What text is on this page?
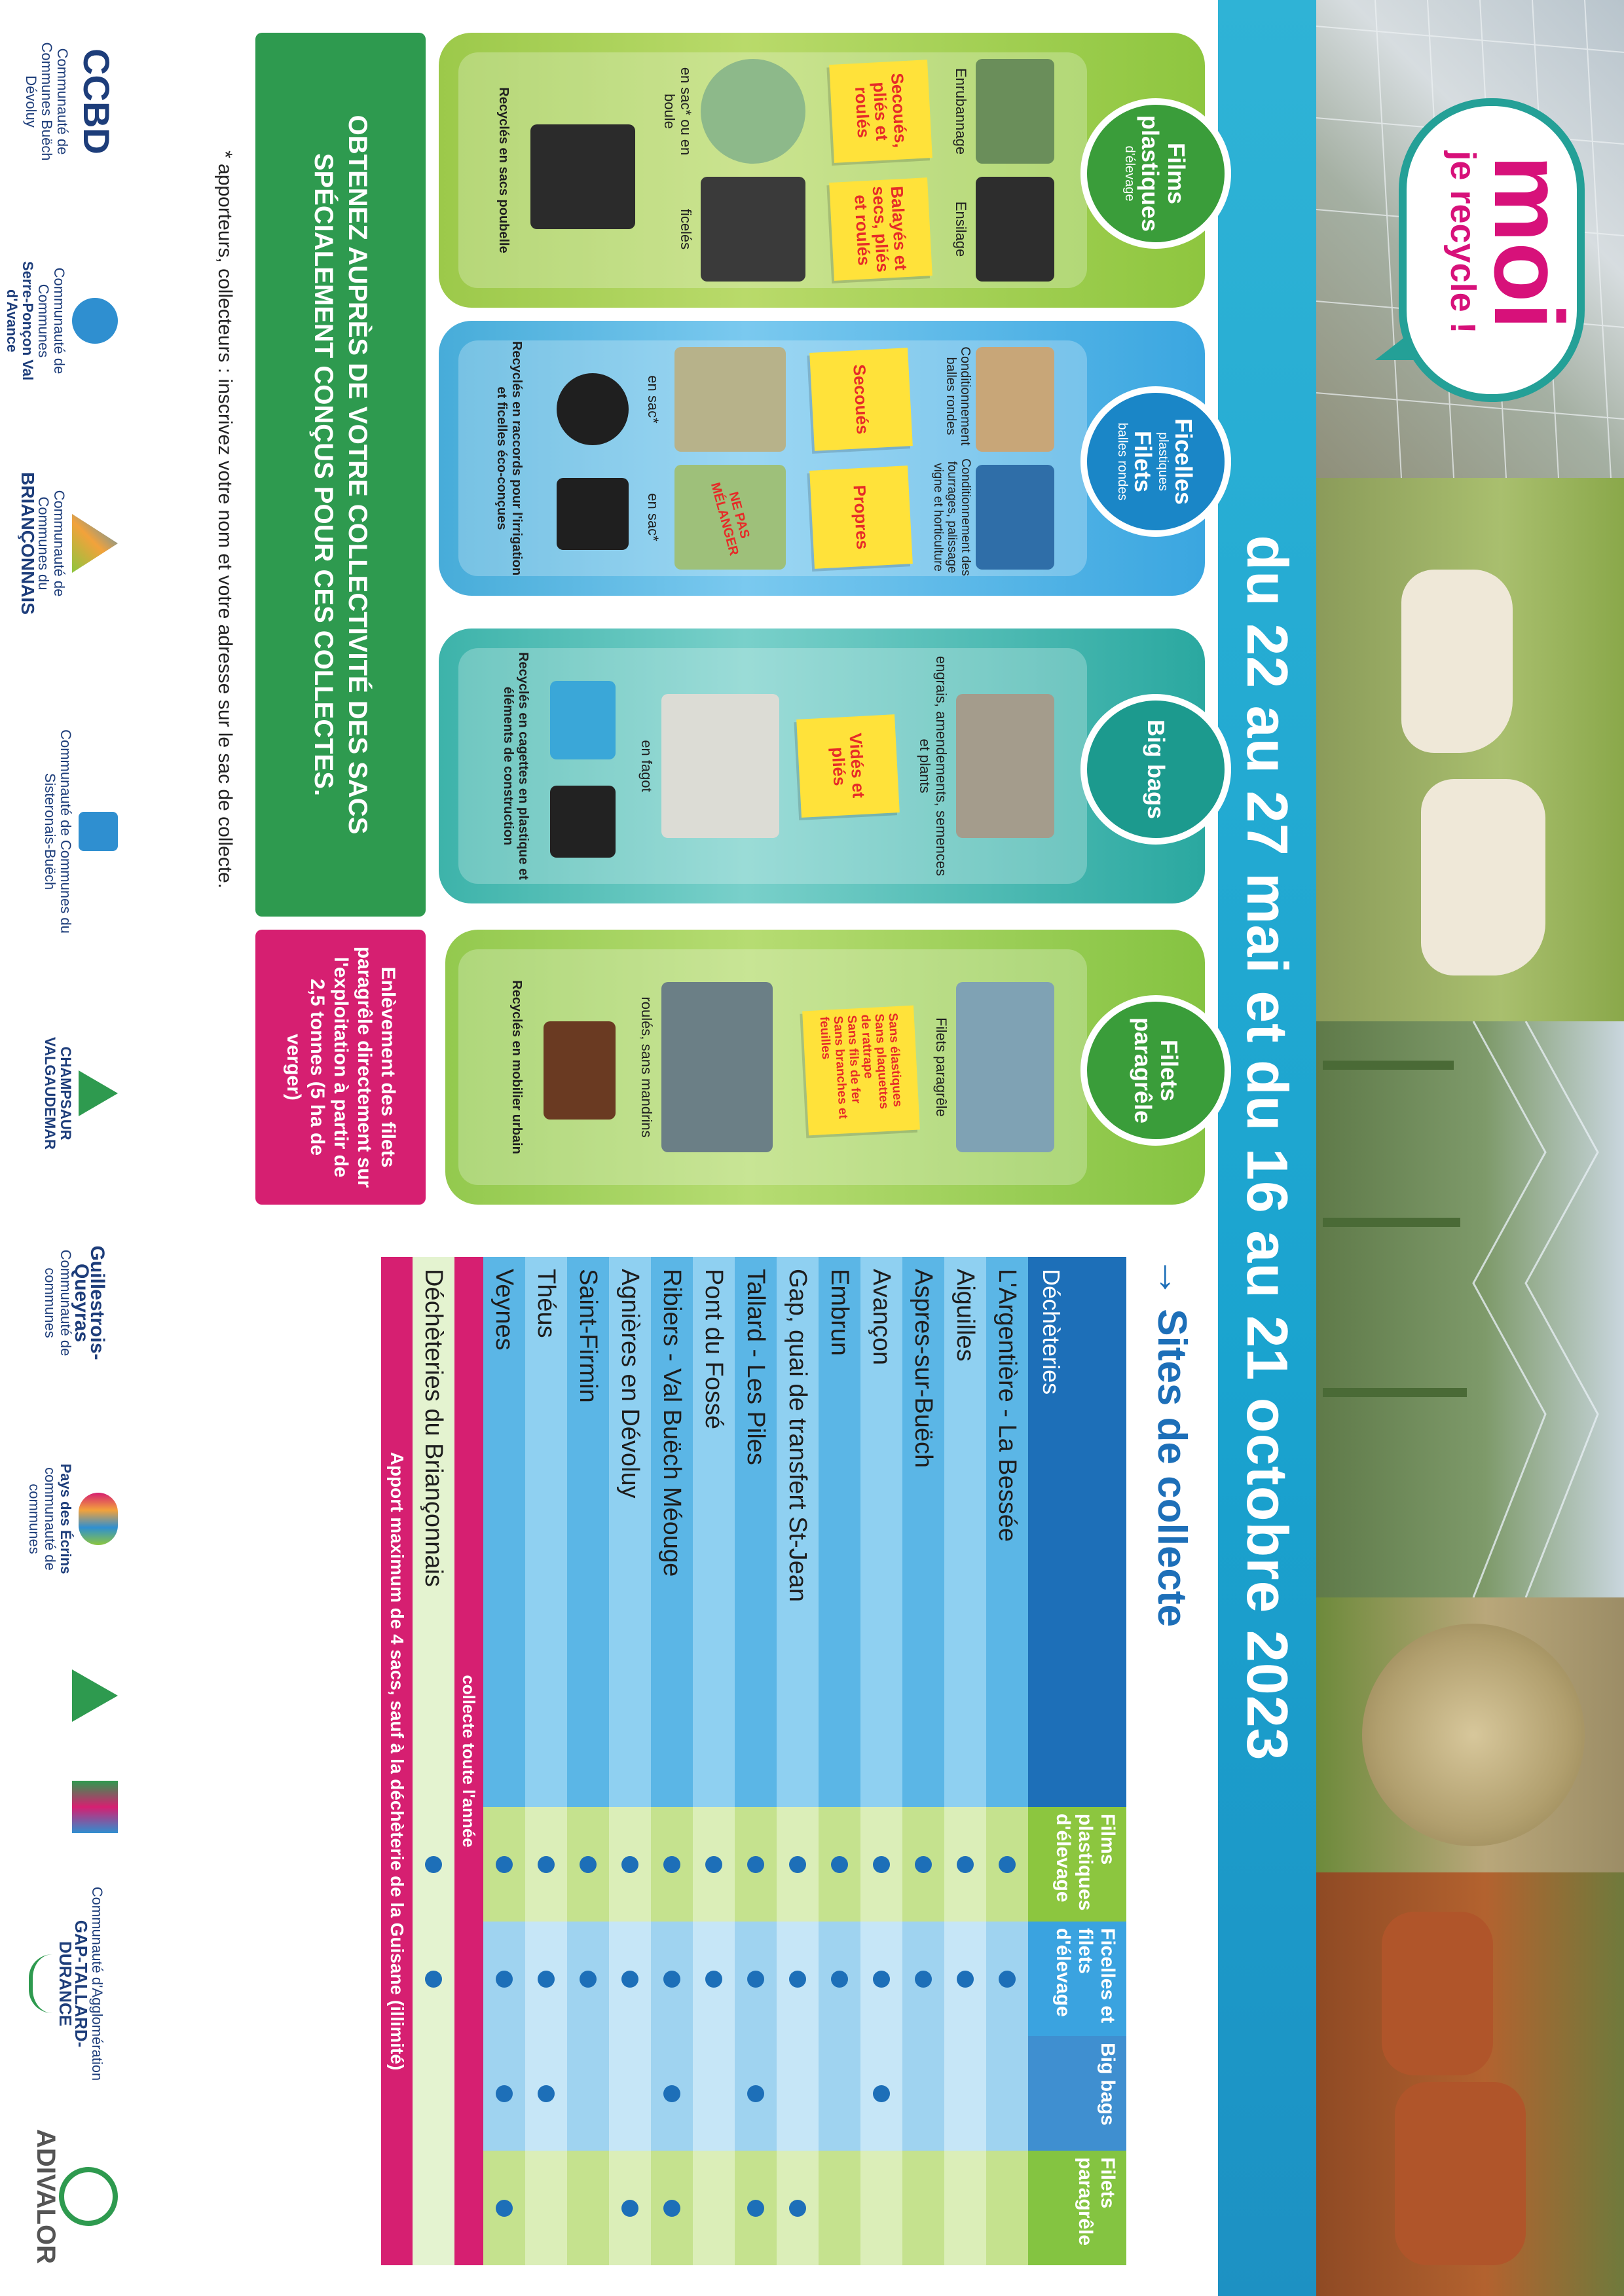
du 22 au 27 mai et du 16 au 21 octobre 2023
moi
je recycle !
Films plastiques
d'élevage
Enrubannage
Ensilage
Secoués, pliés et roulés
Balayés et secs, pliés et roulés
en sac* ou en boule
ficelés
Recyclés en sacs poubelle
Ficelles
plastiques
Filets
balles rondes
Conditionnement balles rondes
Conditionnement des fourrages, palissage vigne et horticulture
Secoués
Propres
NE PAS MÉLANGER
en sac*
en sac*
Recyclés en raccords pour l'irrigation et ficelles éco-conçues
Big bags
engrais, amendements, semences et plants
Vidés et pliés
en fagot
Recyclés en cagettes en plastique et éléments de construction
Filets paragrêle
Filets paragrêle
Sans élastiques
Sans plaquettes de rattrape
Sans fils de fer
Sans branches et feuilles
roulés, sans mandrins
Recyclés en mobilier urbain
Enlèvement des filets paragrêle directement sur l'exploitation à partir de 2,5 tonnes (5 ha de verger)
OBTENEZ AUPRÈS DE VOTRE COLLECTIVITÉ DES SACS SPÉCIALEMENT CONÇUS POUR CES COLLECTES.
* apporteurs, collecteurs : inscrivez votre nom et votre adresse sur le sac de collecte.
→ Sites de collecte
Déchèteries
Films plastiques d'élevage
Ficelles et filets d'élevage
Big bags
Filets paragrêle
L'Argentière - La Bessée
Aiguilles
Aspres-sur-Buëch
Avançon
Embrun
Gap, quai de transfert St-Jean
Tallard - Les Piles
Pont du Fossé
Ribiers - Val Buëch Méouge
Agnières en Dévoluy
Saint-Firmin
Théus
Veynes
collecte toute l'année
Déchèteries du Briançonnais
Apport maximum de 4 sacs, sauf à la déchèterie de la Guisane (illimité)
CCBD
Communauté de Communes Buëch Dévoluy
Communauté de Communes
Serre-Ponçon Val d'Avance
Communauté de Communes du
BRIANÇONNAIS
Communauté de Communes du Sisteronais-Buëch
CHAMPSAUR VALGAUDEMAR
Guillestrois-Queyras
Communauté de communes
Pays des Écrins
communauté de communes
Communauté d'Agglomération
GAP-TALLARD-DURANCE
ADIVALOR
